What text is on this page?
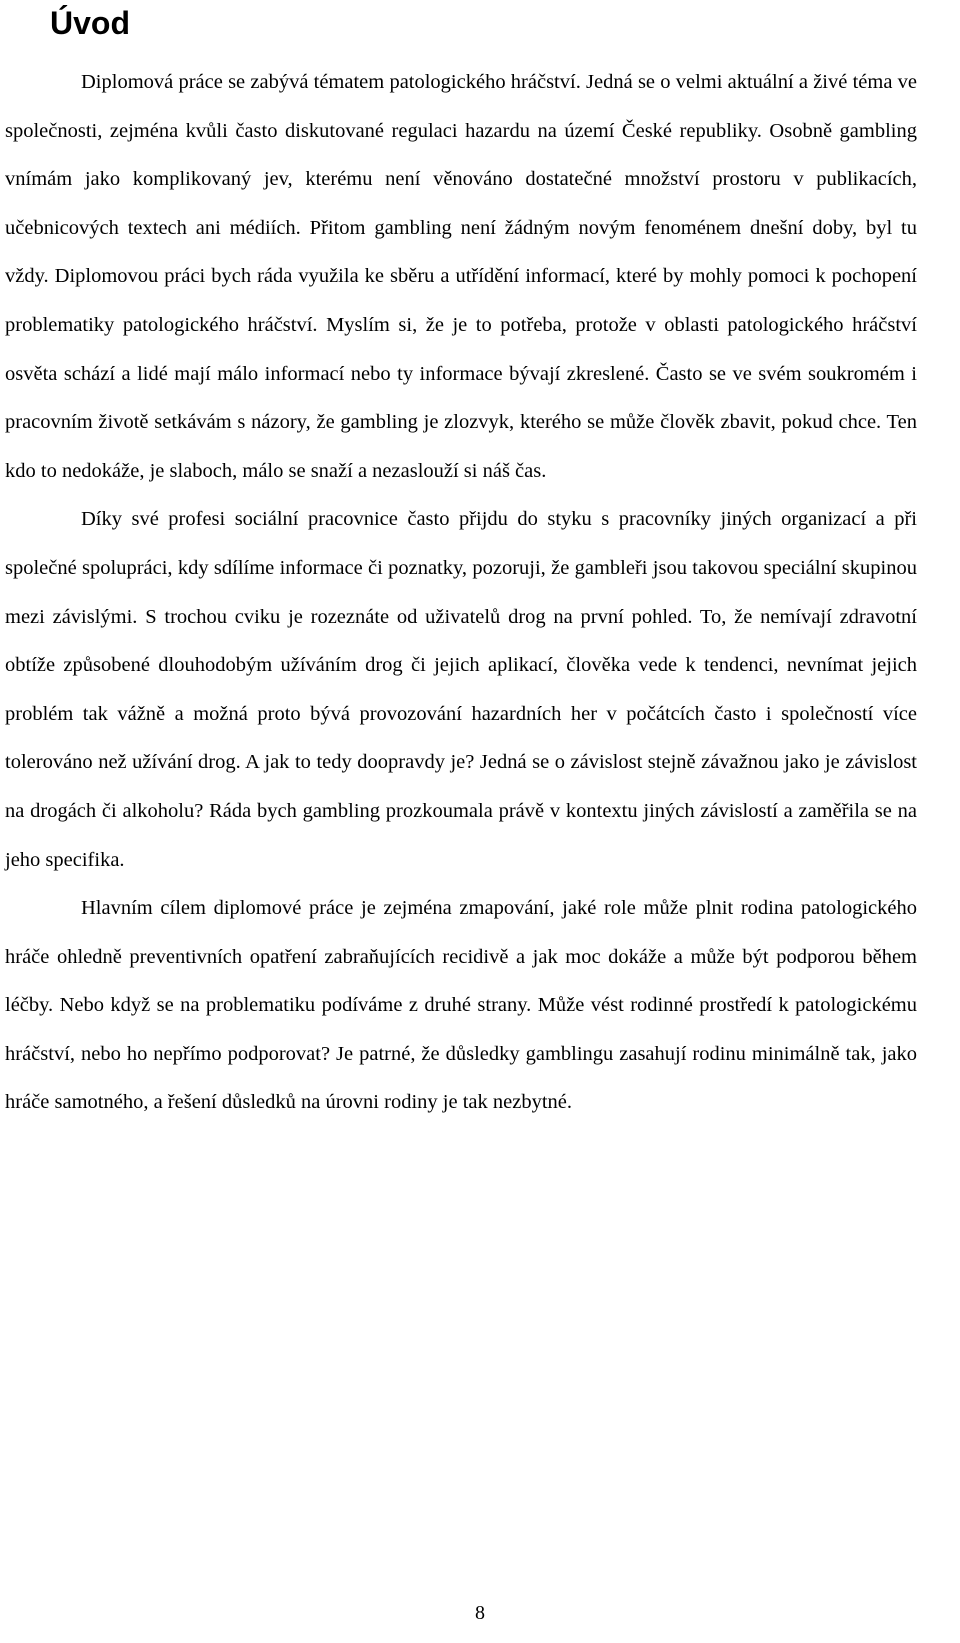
Úvod

Diplomová práce se zabývá tématem patologického hráčství. Jedná se o velmi aktuální a živé téma ve společnosti, zejména kvůli často diskutované regulaci hazardu na území České republiky. Osobně gambling vnímám jako komplikovaný jev, kterému není věnováno dostatečné množství prostoru v publikacích, učebnicových textech ani médiích. Přitom gambling není žádným novým fenoménem dnešní doby, byl tu vždy. Diplomovou práci bych ráda využila ke sběru a utřídění informací, které by mohly pomoci k pochopení problematiky patologického hráčství. Myslím si, že je to potřeba, protože v oblasti patologického hráčství osvěta schází a lidé mají málo informací nebo ty informace bývají zkreslené. Často se ve svém soukromém i pracovním životě setkávám s názory, že gambling je zlozvyk, kterého se může člověk zbavit, pokud chce. Ten kdo to nedokáže, je slaboch, málo se snaží a nezaslouží si náš čas.

Díky své profesi sociální pracovnice často přijdu do styku s pracovníky jiných organizací a při společné spolupráci, kdy sdílíme informace či poznatky, pozoruji, že gambleři jsou takovou speciální skupinou mezi závislými. S trochou cviku je rozeznáte od uživatelů drog na první pohled. To, že nemívají zdravotní obtíže způsobené dlouhodobým užíváním drog či jejich aplikací, člověka vede k tendenci, nevnímat jejich problém tak vážně a možná proto bývá provozování hazardních her v počátcích často i společností více tolerováno než užívání drog. A jak to tedy doopravdy je? Jedná se o závislost stejně závažnou jako je závislost na drogách či alkoholu? Ráda bych gambling prozkoumala právě v kontextu jiných závislostí a zaměřila se na jeho specifika.

Hlavním cílem diplomové práce je zejména zmapování, jaké role může plnit rodina patologického hráče ohledně preventivních opatření zabraňujících recidivě a jak moc dokáže a může být podporou během léčby. Nebo když se na problematiku podíváme z druhé strany. Může vést rodinné prostředí k patologickému hráčství, nebo ho nepřímo podporovat? Je patrné, že důsledky gamblingu zasahují rodinu minimálně tak, jako hráče samotného, a řešení důsledků na úrovni rodiny je tak nezbytné.

8
